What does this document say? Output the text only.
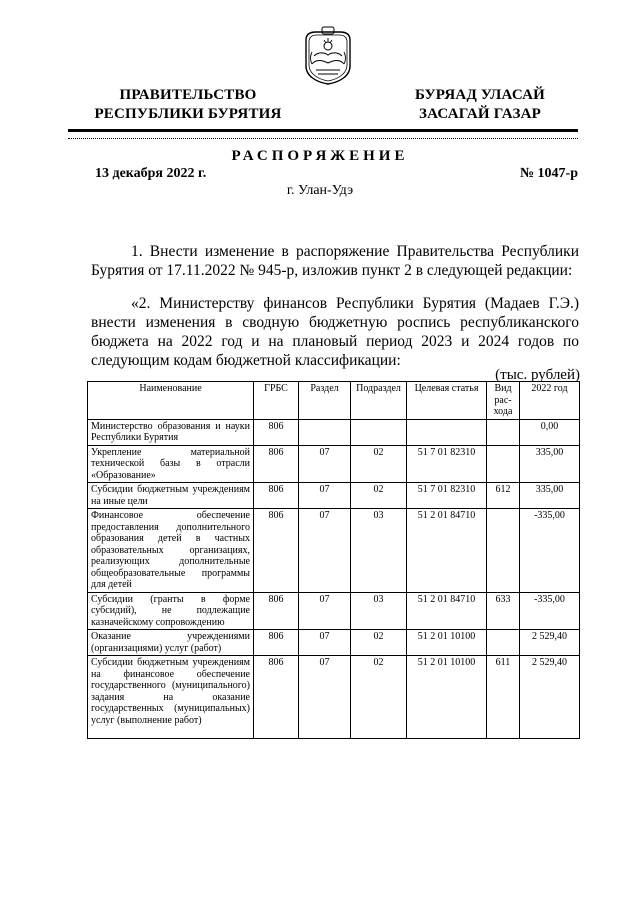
ПРАВИТЕЛЬСТВО
РЕСПУБЛИКИ БУРЯТИЯ
БУРЯАД УЛАСАЙ
ЗАСАГАЙ ГАЗАР
РАСПОРЯЖЕНИЕ
13 декабря 2022 г.	№ 1047-р
г. Улан-Удэ
1. Внести изменение в распоряжение Правительства Республики Бурятия от 17.11.2022 № 945-р, изложив пункт 2 в следующей редакции:
«2. Министерству финансов Республики Бурятия (Мадаев Г.Э.) внести изменения в сводную бюджетную роспись республиканского бюджета на 2022 год и на плановый период 2023 и 2024 годов по следующим кодам бюджетной классификации:
(тыс. рублей)
Наименование	ГРБС	Раздел	Подраздел	Целевая статья	Вид рас-хода	2022 год
Министерство образования и науки Республики Бурятия	806					0,00
Укрепление материальной технической базы в отрасли «Образование»	806	07	02	51 7 01 82310		335,00
Субсидии бюджетным учреждениям на иные цели	806	07	02	51 7 01 82310	612	335,00
Финансовое обеспечение предоставления дополнительного образования детей в частных образовательных организациях, реализующих дополнительные общеобразовательные программы для детей	806	07	03	51 2 01 84710		-335,00
Субсидии (гранты в форме субсидий), не подлежащие казначейскому сопровождению	806	07	03	51 2 01 84710	633	-335,00
Оказание учреждениями (организациями) услуг (работ)	806	07	02	51 2 01 10100		2 529,40
Субсидии бюджетным учреждениям на финансовое обеспечение государственного (муниципального) задания на оказание государственных (муниципальных) услуг (выполнение работ)	806	07	02	51 2 01 10100	611	2 529,40
